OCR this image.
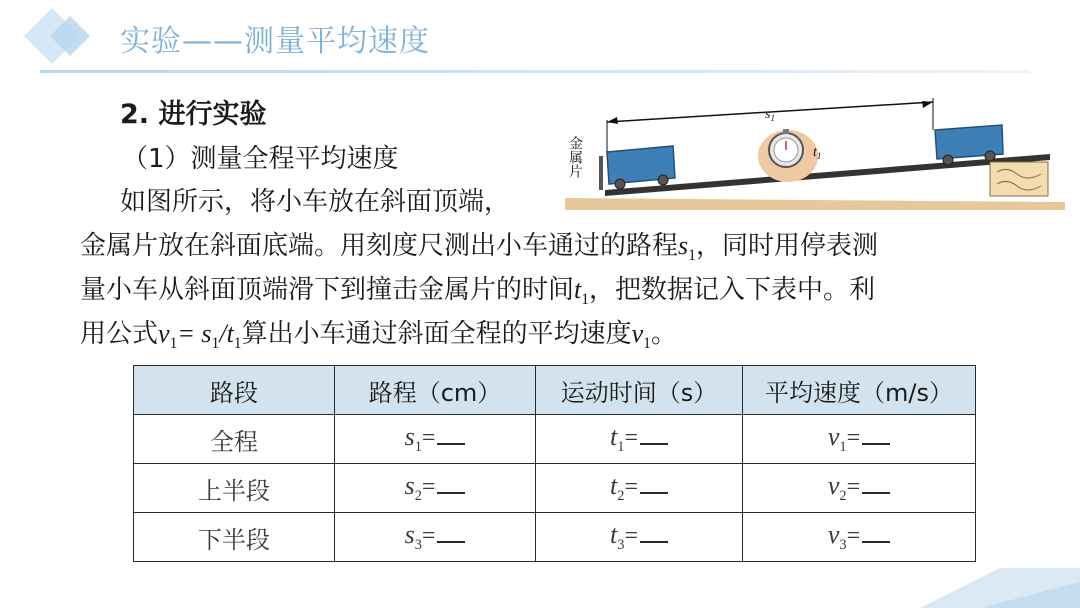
实验——测量平均速度
2. 进行实验
（1）测量全程平均速度
如图所示，将小车放在斜面顶端，
金属片放在斜面底端。用刻度尺测出小车通过的路程$s_1$，同时用停表测
量小车从斜面顶端滑下到撞击金属片的时间$t_1$，把数据记入下表中。利
用公式$v_1= s_1/t_1$算出小车通过斜面全程的平均速度$v_1$。
$s_1$
$t_1$
金属片
路段	路程（cm）	运动时间（s）	平均速度（m/s）
全程	$s_1=$	$t_1=$	$v_1=$
上半段	$s_2=$	$t_2=$	$v_2=$
下半段	$s_3=$	$t_3=$	$v_3=$
